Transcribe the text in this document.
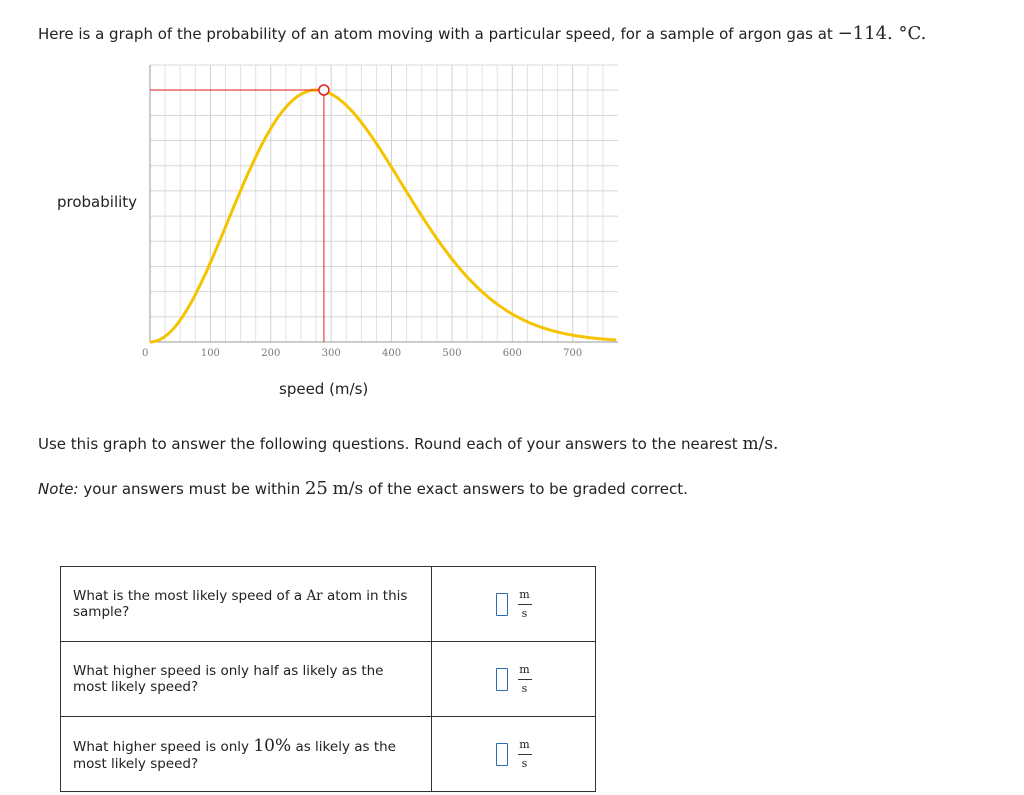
Here is a graph of the probability of an atom moving with a particular speed, for a sample of argon gas at −114. °C.
0	100	200	300	400	500	600	700
probability
speed (m/s)
Use this graph to answer the following questions. Round each of your answers to the nearest m/s.
Note: your answers must be within 25 m/s of the exact answers to be graded correct.
What is the most likely speed of a Ar atom in this sample?	$\frac{m}{s}$

What higher speed is only half as likely as the most likely speed?	$\frac{m}{s}$

What higher speed is only 10% as likely as the most likely speed?	$\frac{m}{s}$
